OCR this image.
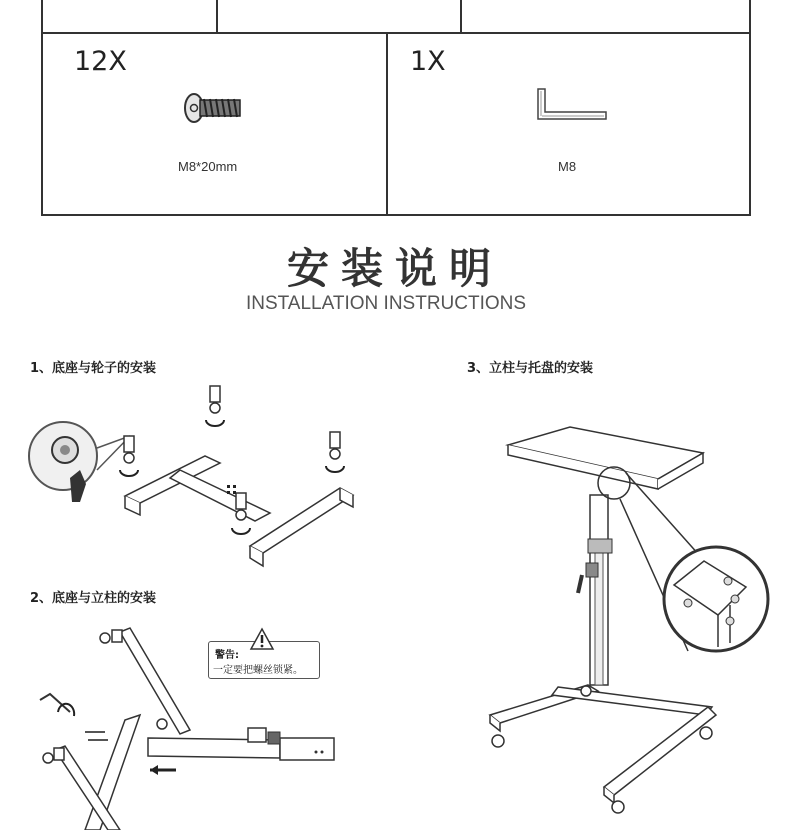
12X	1X
M8*20mm	M8
安装说明
INSTALLATION INSTRUCTIONS
1、底座与轮子的安装
2、底座与立柱的安装
3、立柱与托盘的安装
警告:
一定要把螺丝锁紧。
